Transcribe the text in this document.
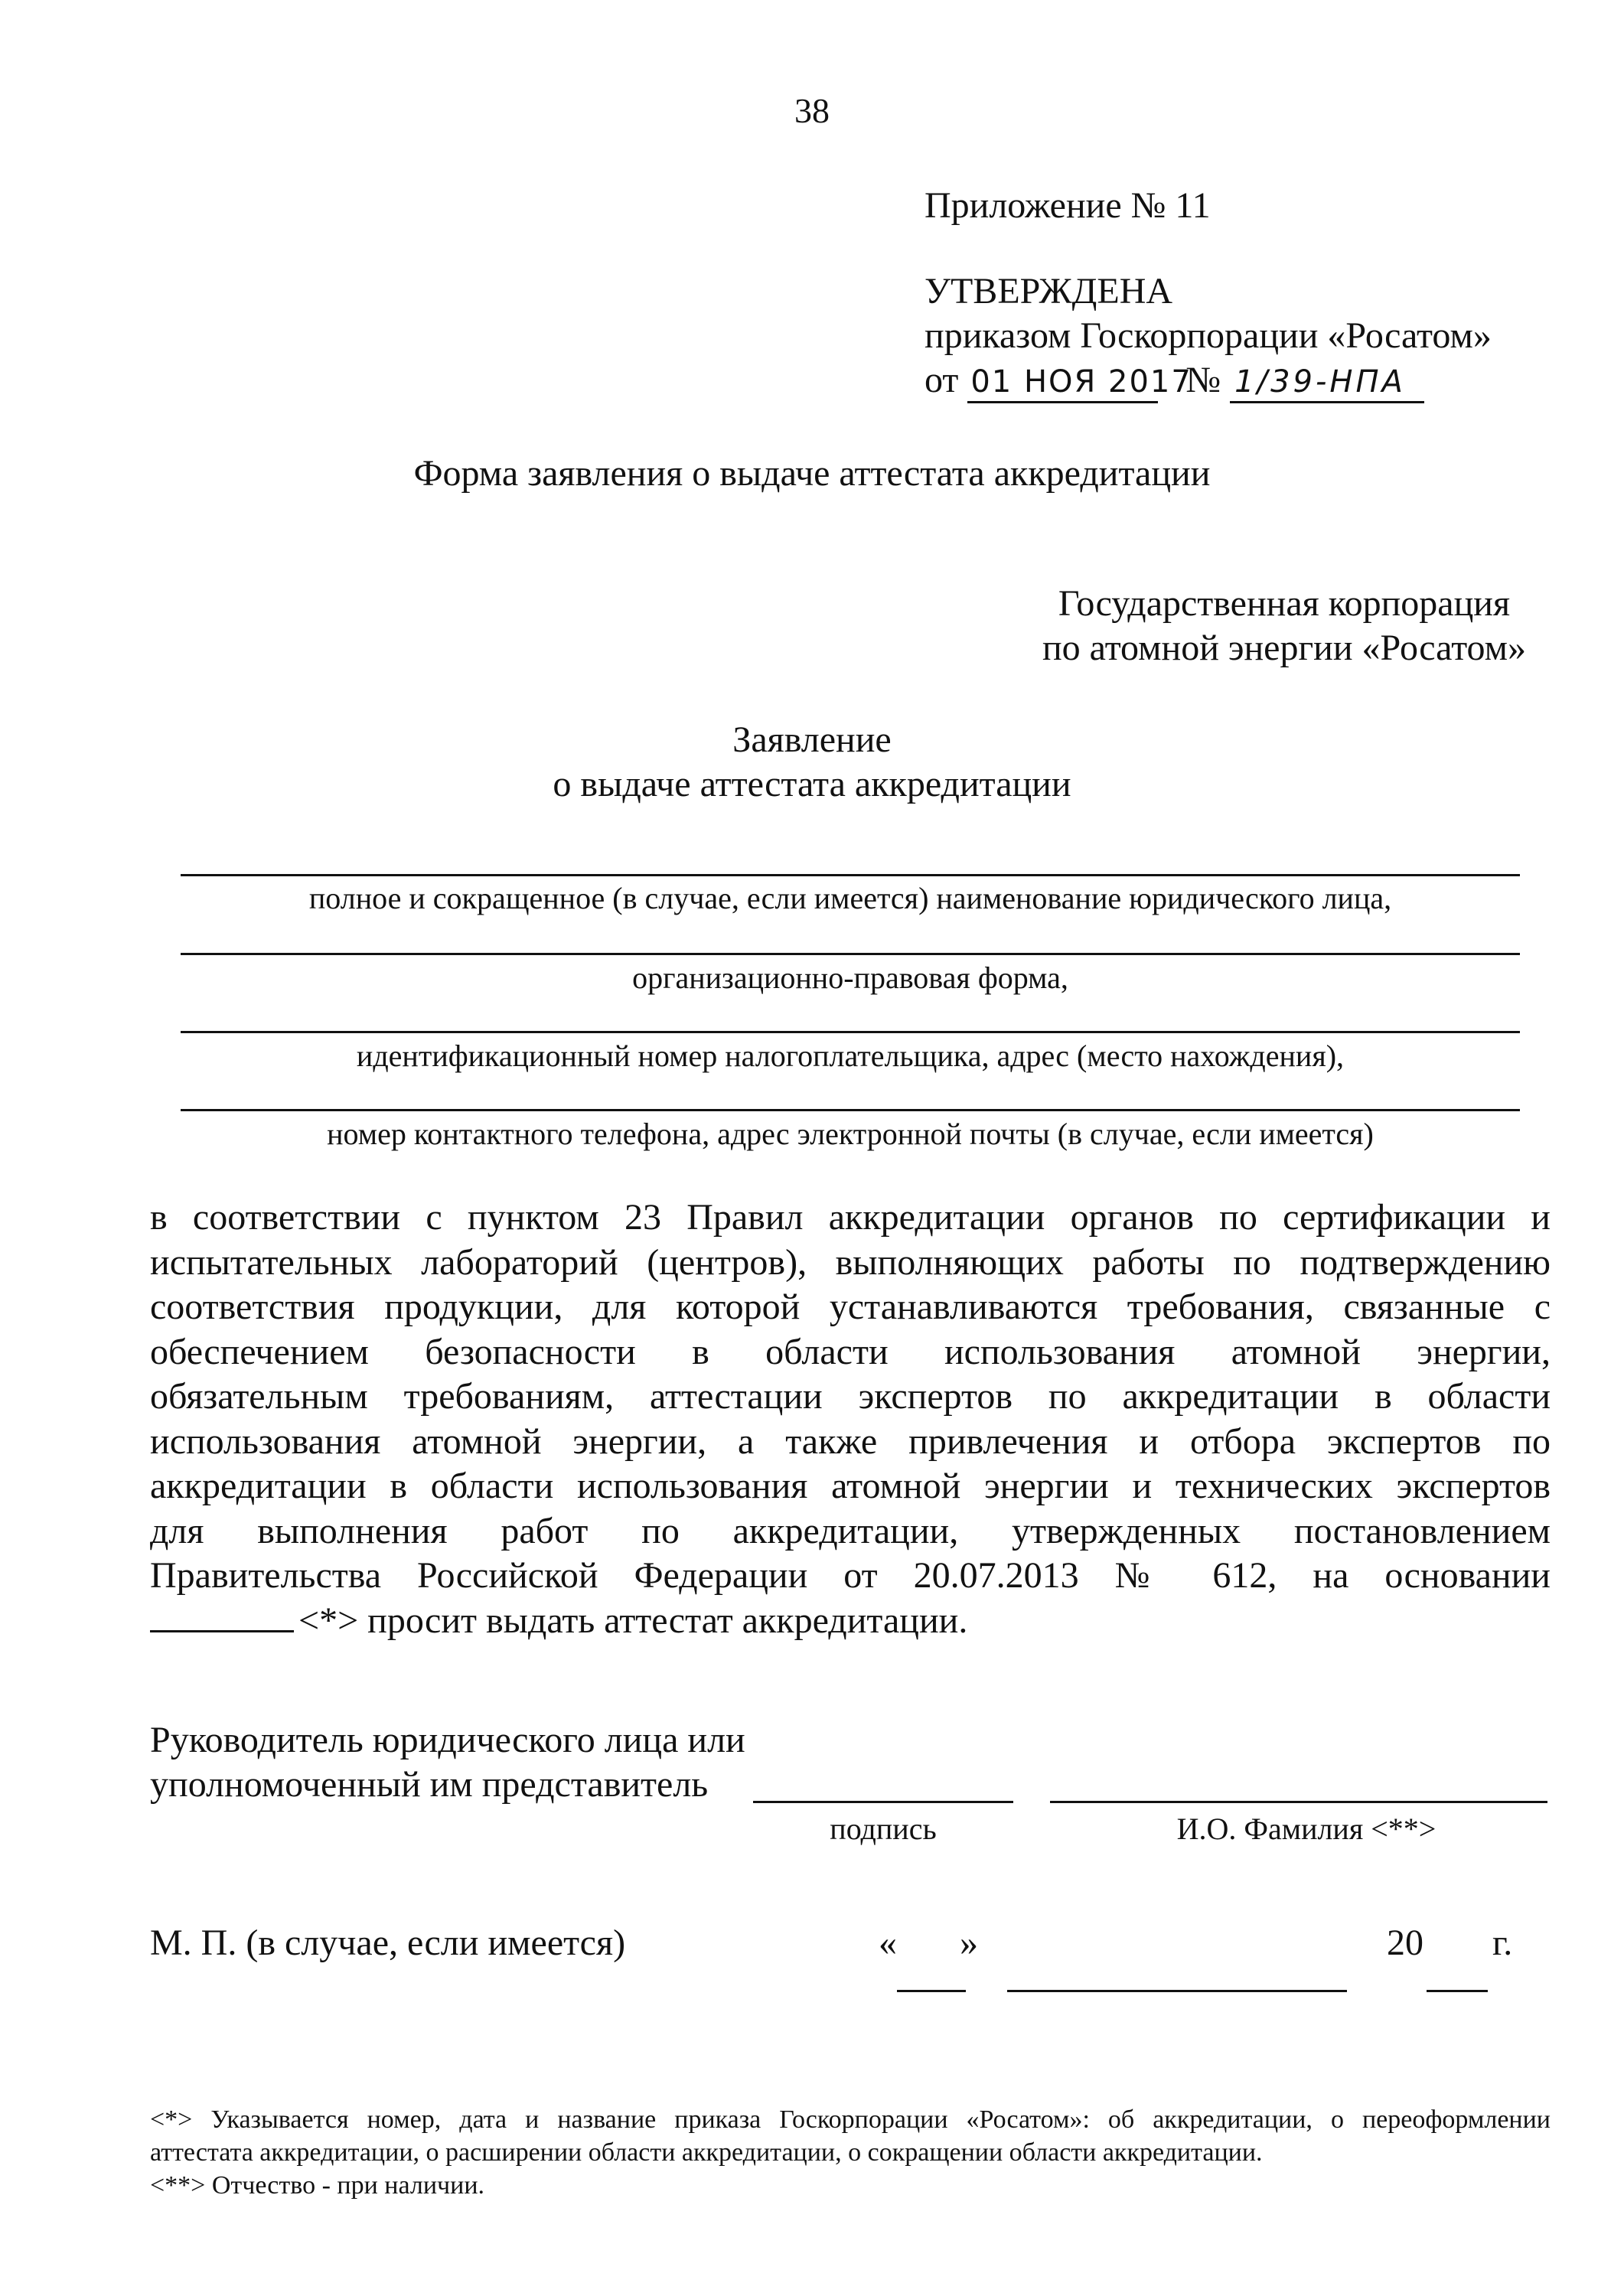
38
Приложение № 11
УТВЕРЖДЕНА
приказом Госкорпорации «Росатом»
от 01 НОЯ 2017 № 1/39-НПА
Форма заявления о выдаче аттестата аккредитации
Государственная корпорация
по атомной энергии «Росатом»
Заявление
о выдаче аттестата аккредитации
полное и сокращенное (в случае, если имеется) наименование юридического лица,
организационно-правовая форма,
идентификационный номер налогоплательщика, адрес (место нахождения),
номер контактного телефона, адрес электронной почты (в случае, если имеется)
в соответствии с пунктом 23 Правил аккредитации органов по сертификации и
испытательных лабораторий (центров), выполняющих работы по подтверждению
соответствия продукции, для которой устанавливаются требования, связанные с
обеспечением безопасности в области использования атомной энергии,
обязательным требованиям, аттестации экспертов по аккредитации в области
использования атомной энергии, а также привлечения и отбора экспертов по
аккредитации в области использования атомной энергии и технических экспертов
для выполнения работ по аккредитации, утвержденных постановлением
Правительства Российской Федерации от 20.07.2013 № 612, на основании
<*> просит выдать аттестат аккредитации.
Руководитель юридического лица или
уполномоченный им представитель
подпись	И.О. Фамилия <**>
М. П. (в случае, если имеется)	« »	20 г.
<*> Указывается номер, дата и название приказа Госкорпорации «Росатом»: об аккредитации, о переоформлении
аттестата аккредитации, о расширении области аккредитации, о сокращении области аккредитации.
<**> Отчество - при наличии.
